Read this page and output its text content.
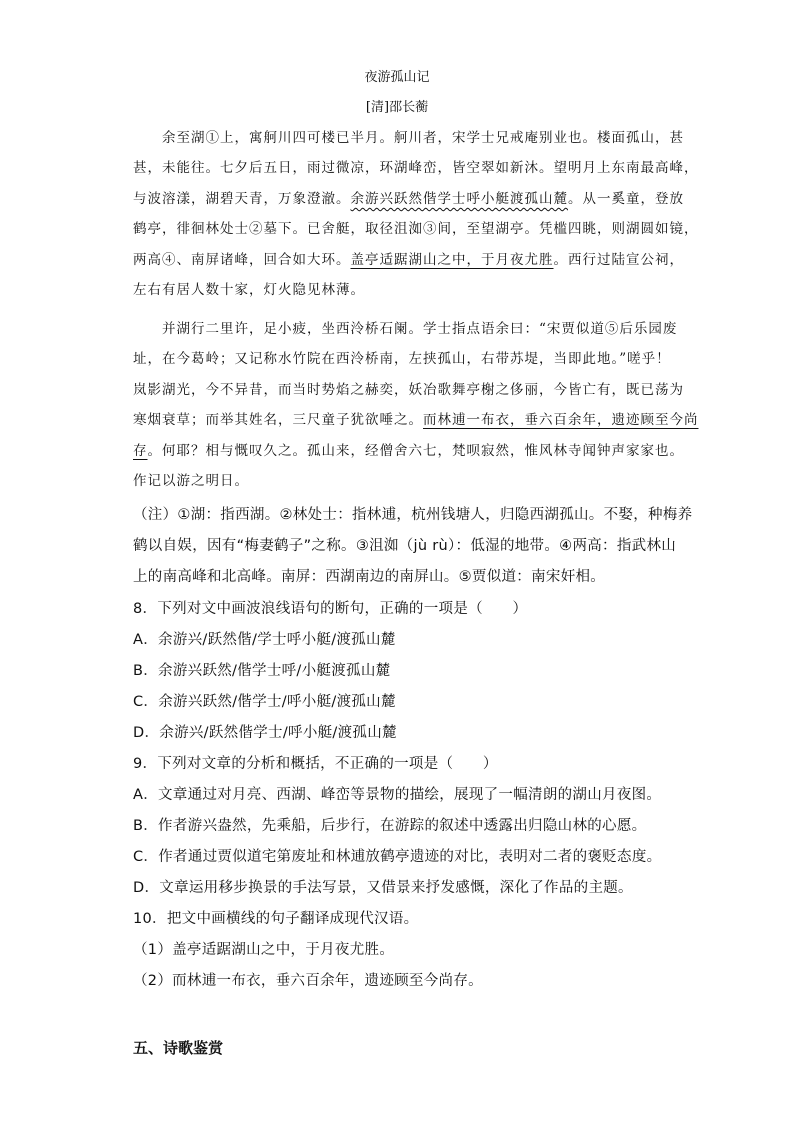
夜游孤山记
[清]邵长蘅
　　余至湖①上，寓舸川四可楼已半月。舸川者，宋学士兄戒庵别业也。楼面孤山，甚
甚，未能往。七夕后五日，雨过微凉，环湖峰峦，皆空翠如新沐。望明月上东南最高峰，
与波溶漾，湖碧天青，万象澄澈。余游兴跃然偕学士呼小艇渡孤山麓。从一奚童，登放
鹤亭，徘徊林处士②墓下。已舍艇，取径沮洳③间，至望湖亭。凭槛四眺，则湖圆如镜，
两高④、南屏诸峰，回合如大环。盖亭适踞湖山之中，于月夜尤胜。西行过陆宣公祠，
左右有居人数十家，灯火隐见林薄。
　　并湖行二里许，足小疲，坐西泠桥石阑。学士指点语余曰：“宋贾似道⑤后乐园废
址，在今葛岭；又记称水竹院在西泠桥南，左挟孤山，右带苏堤，当即此地。”嗟乎！
岚影湖光，今不异昔，而当时势焰之赫奕，妖冶歌舞亭榭之侈丽，今皆亡有，既已荡为
寒烟衰草；而举其姓名，三尺童子犹欲唾之。而林逋一布衣，垂六百余年，遗迹顾至今尚
存。何耶？相与慨叹久之。孤山来，经僧舍六七，梵呗寂然，惟风林寺闻钟声家家也。
作记以游之明日。
（注）①湖：指西湖。②林处士：指林逋，杭州钱塘人，归隐西湖孤山。不娶，种梅养
鹤以自娱，因有“梅妻鹤子”之称。③沮洳（jù rù）：低湿的地带。④两高：指武林山
上的南高峰和北高峰。南屏：西湖南边的南屏山。⑤贾似道：南宋奸相。
8．下列对文中画波浪线语句的断句，正确的一项是（　　）
A．余游兴/跃然偕/学士呼小艇/渡孤山麓
B．余游兴跃然/偕学士呼/小艇渡孤山麓
C．余游兴跃然/偕学士/呼小艇/渡孤山麓
D．余游兴/跃然偕学士/呼小艇/渡孤山麓
9．下列对文章的分析和概括，不正确的一项是（　　）
A．文章通过对月亮、西湖、峰峦等景物的描绘，展现了一幅清朗的湖山月夜图。
B．作者游兴盎然，先乘船，后步行，在游踪的叙述中透露出归隐山林的心愿。
C．作者通过贾似道宅第废址和林逋放鹤亭遗迹的对比，表明对二者的褒贬态度。
D．文章运用移步换景的手法写景，又借景来抒发感慨，深化了作品的主题。
10．把文中画横线的句子翻译成现代汉语。
（1）盖亭适踞湖山之中，于月夜尤胜。
（2）而林逋一布衣，垂六百余年，遗迹顾至今尚存。
五、诗歌鉴赏
